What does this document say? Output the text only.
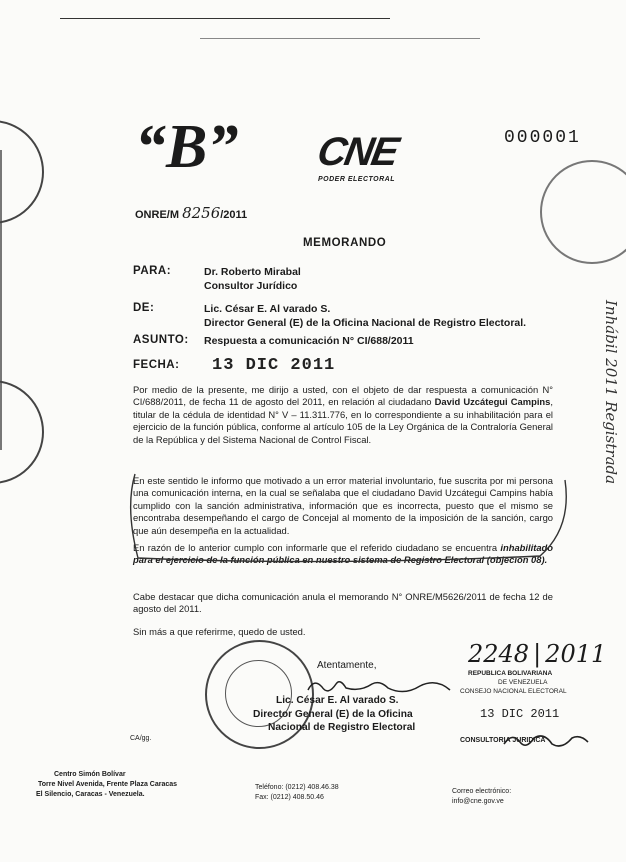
“B” CNE
PODER ELECTORAL
000001
ONRE/M 8256/2011
MEMORANDO
PARA:	Dr. Roberto Mirabal
Consultor Jurídico
DE:	Lic. César E. Al varado S.
Director General (E) de la Oficina Nacional de Registro Electoral.
ASUNTO: Respuesta a comunicación N° CI/688/2011
FECHA: 13 DIC 2011
Por medio de la presente, me dirijo a usted, con el objeto de dar respuesta a comunicación N° CI/688/2011, de fecha 11 de agosto del 2011, en relación al ciudadano David Uzcátegui Campins, titular de la cédula de identidad N° V – 11.311.776, en lo correspondiente a su inhabilitación para el ejercicio de la función pública, conforme al artículo 105 de la Ley Orgánica de la Contraloría General de la República y del Sistema Nacional de Control Fiscal.
En este sentido le informo que motivado a un error material involuntario, fue suscrita por mi persona una comunicación interna, en la cual se señalaba que el ciudadano David Uzcátegui Campins había cumplido con la sanción administrativa, información que es incorrecta, puesto que el mismo se encontraba desempeñando el cargo de Concejal al momento de la imposición de la sanción, cargo que aún desempeña en la actualidad.
En razón de lo anterior cumplo con informarle que el referido ciudadano se encuentra inhabilitado para el ejercicio de la función pública en nuestro sistema de Registro Electoral (objeción 08).
Cabe destacar que dicha comunicación anula el memorando N° ONRE/M5626/2011 de fecha 12 de agosto del 2011.
Sin más a que referirme, quedo de usted.
Atentamente,
Lic. César E. Al varado S.
Director General (E) de la Oficina
Nacional de Registro Electoral
CA/gg.
2248 | 2011
REPUBLICA BOLIVARIANA
DE VENEZUELA
CONSEJO NACIONAL ELECTORAL
13 DIC 2011
CONSULTORIA JURIDICA
Inhábil 2011 Registrada
Centro Simón Bolívar
Torre Nivel Avenida, Frente Plaza Caracas
El Silencio, Caracas - Venezuela.
Teléfono: (0212) 408.46.38
Fax: (0212) 408.50.46
Correo electrónico:
info@cne.gov.ve
